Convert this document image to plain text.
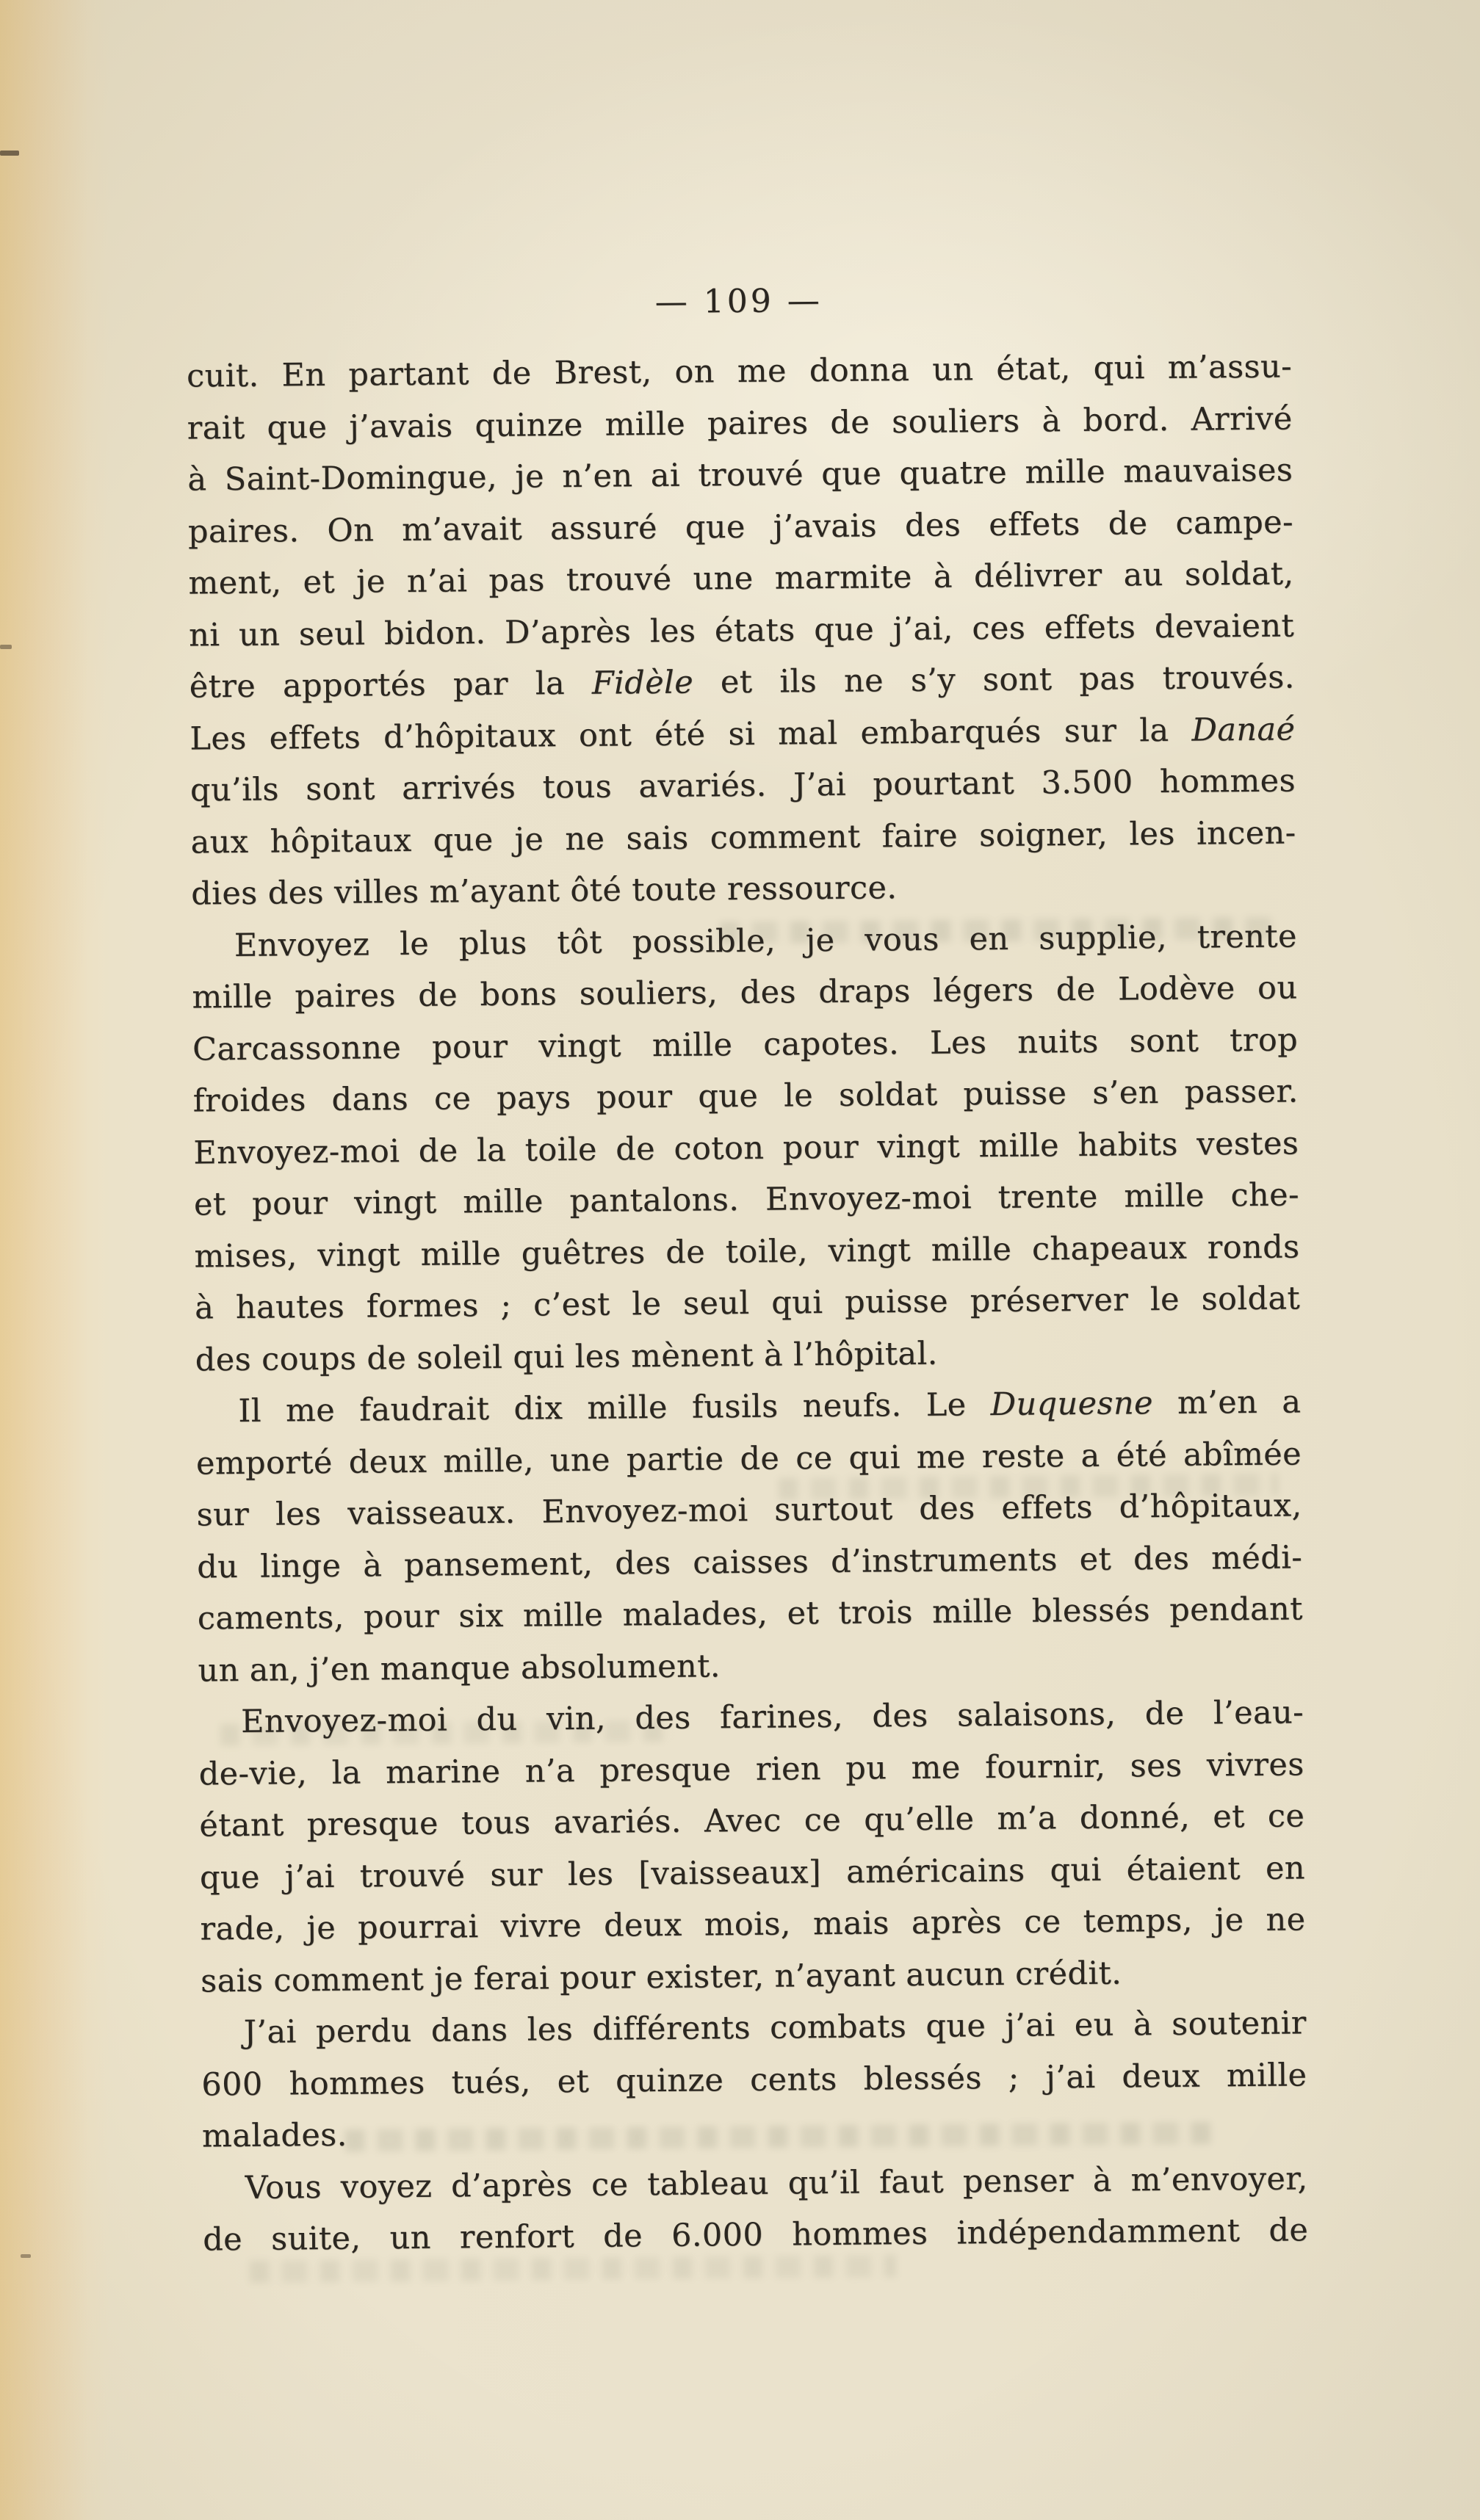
— 109 —
cuit. En partant de Brest, on me donna un état, qui m’assu-
rait que j’avais quinze mille paires de souliers à bord. Arrivé
à Saint-Domingue, je n’en ai trouvé que quatre mille mauvaises
paires. On m’avait assuré que j’avais des effets de campe-
ment, et je n’ai pas trouvé une marmite à délivrer au soldat,
ni un seul bidon. D’après les états que j’ai, ces effets devaient
être apportés par la Fidèle et ils ne s’y sont pas trouvés.
Les effets d’hôpitaux ont été si mal embarqués sur la Danaé
qu’ils sont arrivés tous avariés. J’ai pourtant 3.500 hommes
aux hôpitaux que je ne sais comment faire soigner, les incen-
dies des villes m’ayant ôté toute ressource.
Envoyez le plus tôt possible, je vous en supplie, trente
mille paires de bons souliers, des draps légers de Lodève ou
Carcassonne pour vingt mille capotes. Les nuits sont trop
froides dans ce pays pour que le soldat puisse s’en passer.
Envoyez-moi de la toile de coton pour vingt mille habits vestes
et pour vingt mille pantalons. Envoyez-moi trente mille che-
mises, vingt mille guêtres de toile, vingt mille chapeaux ronds
à hautes formes ; c’est le seul qui puisse préserver le soldat
des coups de soleil qui les mènent à l’hôpital.
Il me faudrait dix mille fusils neufs. Le Duquesne m’en a
emporté deux mille, une partie de ce qui me reste a été abîmée
sur les vaisseaux. Envoyez-moi surtout des effets d’hôpitaux,
du linge à pansement, des caisses d’instruments et des médi-
caments, pour six mille malades, et trois mille blessés pendant
un an, j’en manque absolument.
Envoyez-moi du vin, des farines, des salaisons, de l’eau-
de-vie, la marine n’a presque rien pu me fournir, ses vivres
étant presque tous avariés. Avec ce qu’elle m’a donné, et ce
que j’ai trouvé sur les [vaisseaux] américains qui étaient en
rade, je pourrai vivre deux mois, mais après ce temps, je ne
sais comment je ferai pour exister, n’ayant aucun crédit.
J’ai perdu dans les différents combats que j’ai eu à soutenir
600 hommes tués, et quinze cents blessés ; j’ai deux mille
malades.
Vous voyez d’après ce tableau qu’il faut penser à m’envoyer,
de suite, un renfort de 6.000 hommes indépendamment de
